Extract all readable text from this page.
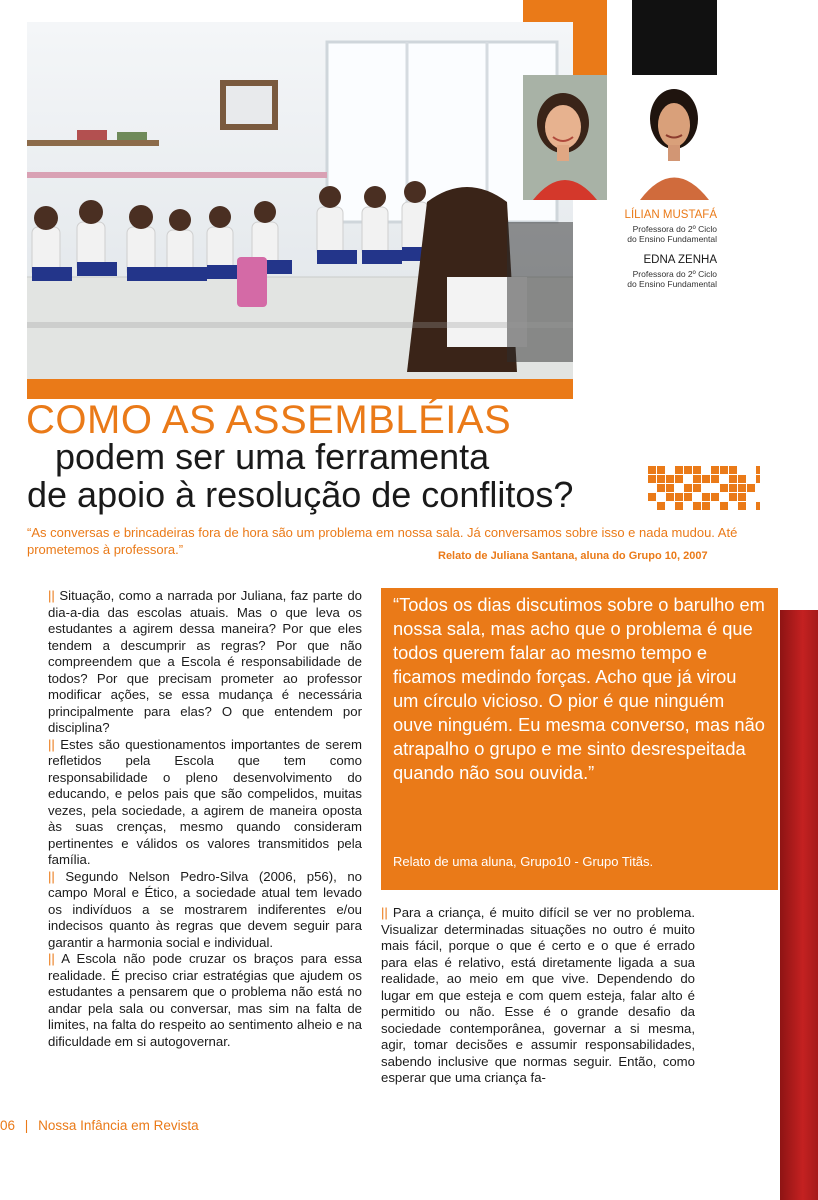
LÍLIAN MUSTAFÁ
Professora do 2º Ciclo
do Ensino Fundamental
EDNA ZENHA
Professora do 2º Ciclo
do Ensino Fundamental
COMO AS ASSEMBLÉIAS
podem ser uma ferramenta
de apoio à resolução de conflitos?
“As conversas e brincadeiras fora de hora são um problema em nossa sala. Já conversamos sobre isso e nada mudou. Até prometemos à professora.”	Relato de Juliana Santana, aluna do Grupo 10, 2007

|| Situação, como a narrada por Juliana, faz parte do dia-a-dia das escolas atuais. Mas o que leva os estudantes a agirem dessa maneira? Por que eles tendem a descumprir as regras? Por que não compreendem que a Escola é responsabilidade de todos? Por que precisam prometer ao professor modificar ações, se essa mudança é necessária principalmente para elas? O que entendem por disciplina?

|| Estes são questionamentos importantes de serem refletidos pela Escola que tem como responsabilidade o pleno desenvolvimento do educando, e pelos pais que são compelidos, muitas vezes, pela sociedade, a agirem de maneira oposta às suas crenças, mesmo quando consideram pertinentes e válidos os valores transmitidos pela família.

|| Segundo Nelson Pedro-Silva (2006, p56), no campo Moral e Ético, a sociedade atual tem levado os indivíduos a se mostrarem indiferentes e/ou indecisos quanto às regras que devem seguir para garantir a harmonia social e individual.

|| A Escola não pode cruzar os braços para essa realidade. É preciso criar estratégias que ajudem os estudantes a pensarem que o problema não está no andar pela sala ou conversar, mas sim na falta de limites, na falta do respeito ao sentimento alheio e na dificuldade em si autogovernar.

“Todos os dias discutimos sobre o barulho em nossa sala, mas acho que o problema é que todos querem falar ao mesmo tempo e ficamos medindo forças. Acho que já virou um círculo vicioso. O pior é que ninguém ouve ninguém. Eu mesma converso, mas não atrapalho o grupo e me sinto desrespeitada quando não sou ouvida.”
Relato de uma aluna, Grupo10 - Grupo Titãs.

|| Para a criança, é muito difícil se ver no problema. Visualizar determinadas situações no outro é muito mais fácil, porque o que é certo e o que é errado para elas é relativo, está diretamente ligada a sua realidade, ao meio em que vive. Dependendo do lugar em que esteja e com quem esteja, falar alto é permitido ou não. Esse é o grande desafio da sociedade contemporânea, governar a si mesma, agir, tomar decisões e assumir responsabilidades, sabendo inclusive que normas seguir. Então, como esperar que uma criança fa-

06 | Nossa Infância em Revista
